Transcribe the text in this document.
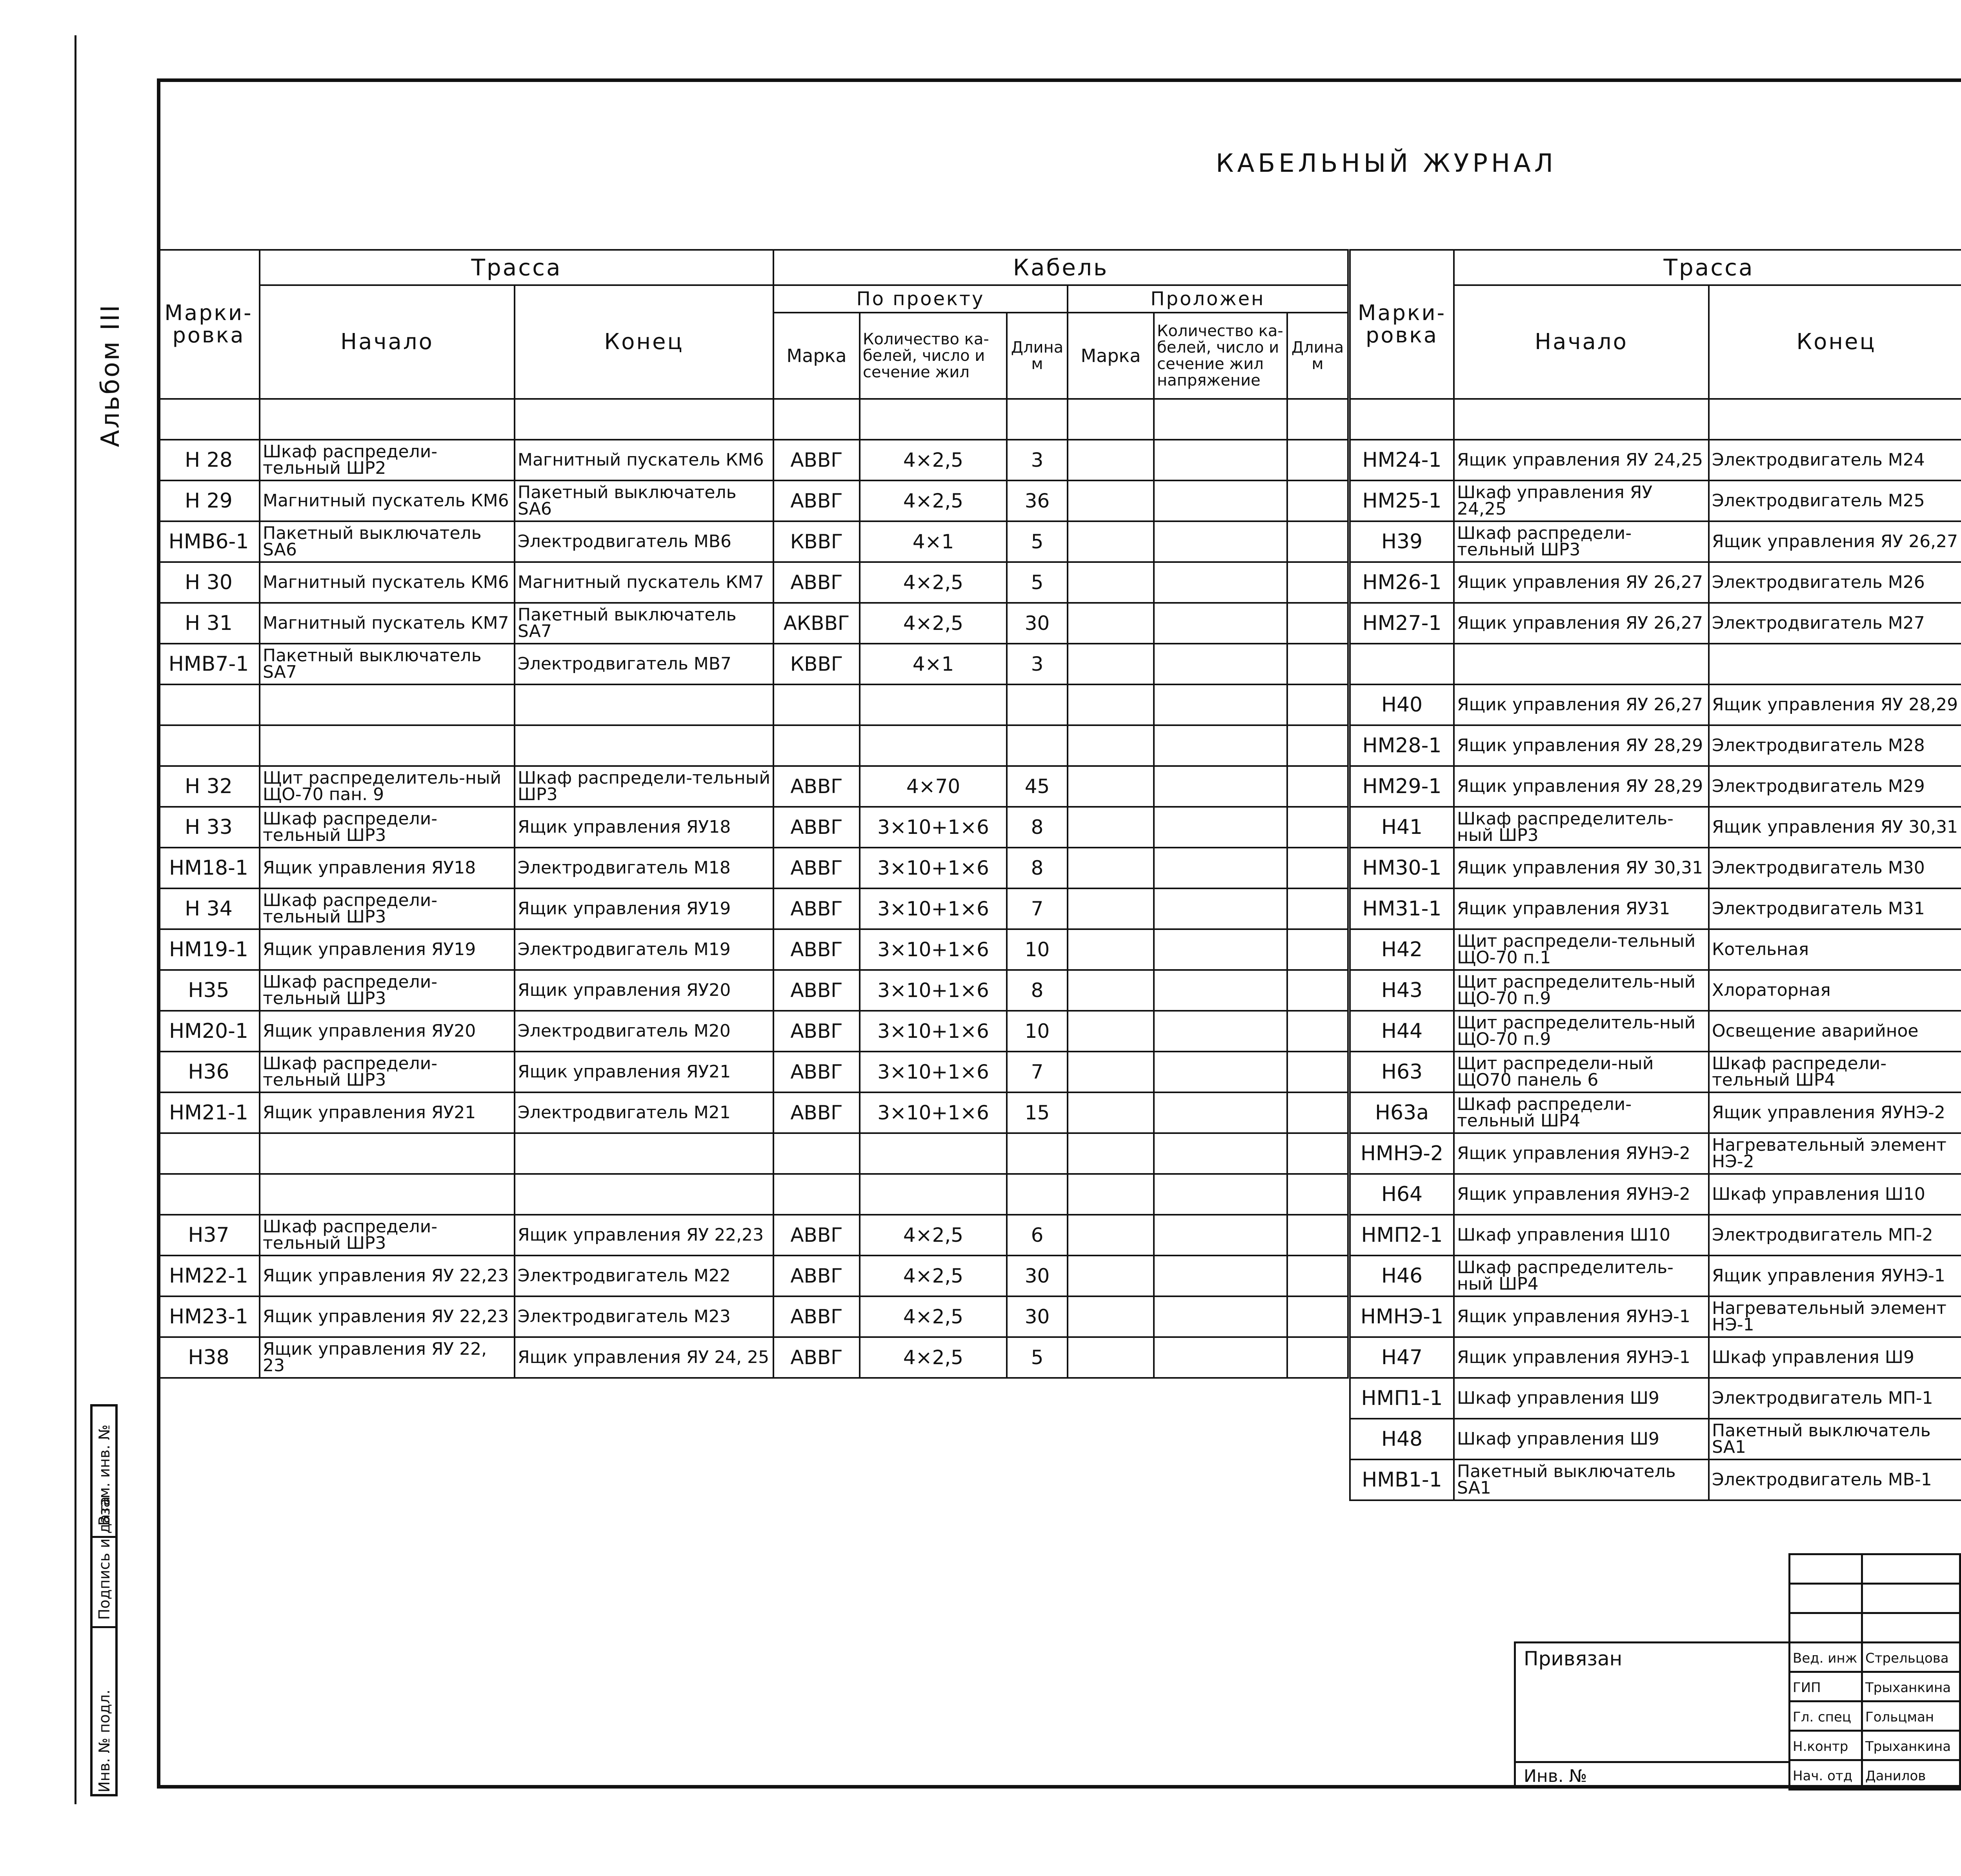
Альбом III
КАБЕЛЬНЫЙ ЖУРНАЛ
Марки-ровка	Трасса		Кабель					
	Начало	Конец	По проекту			Проложен		
			Марка	Количество ка-белей, число и сечение жил	Длина м	Марка	Количество ка-белей, число и сечение жил напряжение	Длина м

Н 28	Шкаф распредели-тельный ШР2	Магнитный пускатель КМ6	АВВГ	4×2,5	3			
Н 29	Магнитный пускатель КМ6	Пакетный выключатель SA6	АВВГ	4×2,5	36			
НМВ6-1	Пакетный выключатель SA6	Электродвигатель МВ6	КВВГ	4×1	5			
Н 30	Магнитный пускатель КМ6	Магнитный пускатель КМ7	АВВГ	4×2,5	5			
Н 31	Магнитный пускатель КМ7	Пакетный выключатель SA7	АКВВГ	4×2,5	30			
НМВ7-1	Пакетный выключатель SA7	Электродвигатель МВ7	КВВГ	4×1	3			

Н 32	Щит распределитель-ный ЩО-70 пан. 9	Шкаф распредели-тельный ШР3	АВВГ	4×70	45			
Н 33	Шкаф распредели-тельный ШР3	Ящик управления ЯУ18	АВВГ	3×10+1×6	8			
НМ18-1	Ящик управления ЯУ18	Электродвигатель М18	АВВГ	3×10+1×6	8			
Н 34	Шкаф распредели-тельный ШР3	Ящик управления ЯУ19	АВВГ	3×10+1×6	7			
НМ19-1	Ящик управления ЯУ19	Электродвигатель М19	АВВГ	3×10+1×6	10			
Н35	Шкаф распредели-тельный ШР3	Ящик управления ЯУ20	АВВГ	3×10+1×6	8			
НМ20-1	Ящик управления ЯУ20	Электродвигатель М20	АВВГ	3×10+1×6	10			
Н36	Шкаф распредели-тельный ШР3	Ящик управления ЯУ21	АВВГ	3×10+1×6	7			
НМ21-1	Ящик управления ЯУ21	Электродвигатель М21	АВВГ	3×10+1×6	15			

Н37	Шкаф распредели-тельный ШР3	Ящик управления ЯУ 22,23	АВВГ	4×2,5	6			
НМ22-1	Ящик управления ЯУ 22,23	Электродвигатель М22	АВВГ	4×2,5	30			
НМ23-1	Ящик управления ЯУ 22,23	Электродвигатель М23	АВВГ	4×2,5	30			
Н38	Ящик управления ЯУ 22, 23	Ящик управления ЯУ 24, 25	АВВГ	4×2,5	5			
Марки-ровка	Трасса	
	Начало	Конец		

НМ24-1	Ящик управления ЯУ 24,25	Электродвигатель М24						
НМ25-1	Шкаф управления ЯУ 24,25	Электродвигатель М25						
Н39	Шкаф распредели-тельный ШР3	Ящик управления ЯУ 26,27						
НМ26-1	Ящик управления ЯУ 26,27	Электродвигатель М26						
НМ27-1	Ящик управления ЯУ 26,27	Электродвигатель М27						

Н40	Ящик управления ЯУ 26,27	Ящик управления ЯУ 28,29						
НМ28-1	Ящик управления ЯУ 28,29	Электродвигатель М28						
НМ29-1	Ящик управления ЯУ 28,29	Электродвигатель М29						
Н41	Шкаф распределитель-ный ШР3	Ящик управления ЯУ 30,31						
НМ30-1	Ящик управления ЯУ 30,31	Электродвигатель М30						
НМ31-1	Ящик управления ЯУ31	Электродвигатель М31						
Н42	Щит распредели-тельный ЩО-70 п.1	Котельная		

Н43	Щит распределитель-ный ЩО-70 п.9	Хлораторная		

Н44	Щит распределитель-ный ЩО-70 п.9	Освещение аварийное						
Н63	Щит распредели-ный ЩО70 панель 6	Шкаф распредели-тельный ШР4						
Н63а	Шкаф распредели-тельный ШР4	Ящик управления ЯУНЭ-2						
НМНЭ-2	Ящик управления ЯУНЭ-2	Нагревательный элемент НЭ-2						
Н64	Ящик управления ЯУНЭ-2	Шкаф управления Ш10						
НМП2-1	Шкаф управления Ш10	Электродвигатель МП-2						
Н46	Шкаф распределитель-ный ШР4	Ящик управления ЯУНЭ-1						
НМНЭ-1	Ящик управления ЯУНЭ-1	Нагревательный элемент НЭ-1						
Н47	Ящик управления ЯУНЭ-1	Шкаф управления Ш9						
НМП1-1	Шкаф управления Ш9	Электродвигатель МП-1						
Н48	Шкаф управления Ш9	Пакетный выключатель SA1						
НМВ1-1	Пакетный выключатель SA1	Электродвигатель МВ-1						
Привязан
Инв. №
Вед. инж Стрельцова
ГИП	Трыханкина
Гл. спец	Гольцман
Н.контр	Трыханкина
Нач. отд Данилов
Инв. № подл.
Подпись и дата
Взам. инв. №
